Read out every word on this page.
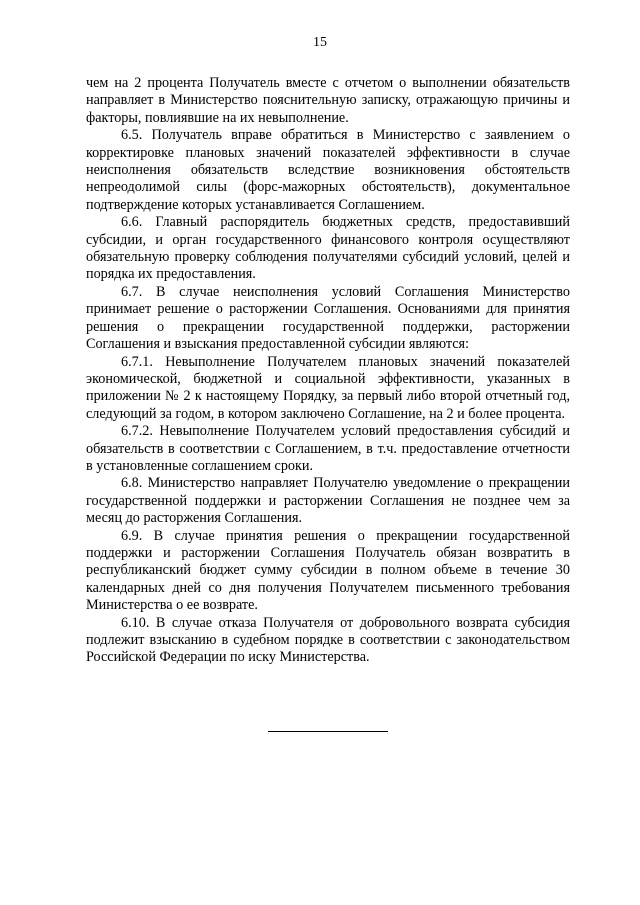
15

чем на 2 процента Получатель вместе с отчетом о выполнении обязательств направляет в Министерство пояснительную записку, отражающую причины и факторы, повлиявшие на их невыполнение.

6.5. Получатель вправе обратиться в Министерство с заявлением о корректировке плановых значений показателей эффективности в случае неисполнения обязательств вследствие возникновения обстоятельств непреодолимой силы (форс-мажорных обстоятельств), документальное подтверждение которых устанавливается Соглашением.

6.6. Главный распорядитель бюджетных средств, предоставивший субсидии, и орган государственного финансового контроля осуществляют обязательную проверку соблюдения получателями субсидий условий, целей и порядка их предоставления.

6.7. В случае неисполнения условий Соглашения Министерство принимает решение о расторжении Соглашения. Основаниями для принятия решения о прекращении государственной поддержки, расторжении Соглашения и взыскания предоставленной субсидии являются:

6.7.1. Невыполнение Получателем плановых значений показателей экономической, бюджетной и социальной эффективности, указанных в приложении № 2 к настоящему Порядку, за первый либо второй отчетный год, следующий за годом, в котором заключено Соглашение, на 2 и более процента.

6.7.2. Невыполнение Получателем условий предоставления субсидий и обязательств в соответствии с Соглашением, в т.ч. предоставление отчетности в установленные соглашением сроки.

6.8. Министерство направляет Получателю уведомление о прекращении государственной поддержки и расторжении Соглашения не позднее чем за месяц до расторжения Соглашения.

6.9. В случае принятия решения о прекращении государственной поддержки и расторжении Соглашения Получатель обязан возвратить в республиканский бюджет сумму субсидии в полном объеме в течение 30 календарных дней со дня получения Получателем письменного требования Министерства о ее возврате.

6.10. В случае отказа Получателя от добровольного возврата субсидия подлежит взысканию в судебном порядке в соответствии с законодательством Российской Федерации по иску Министерства.
